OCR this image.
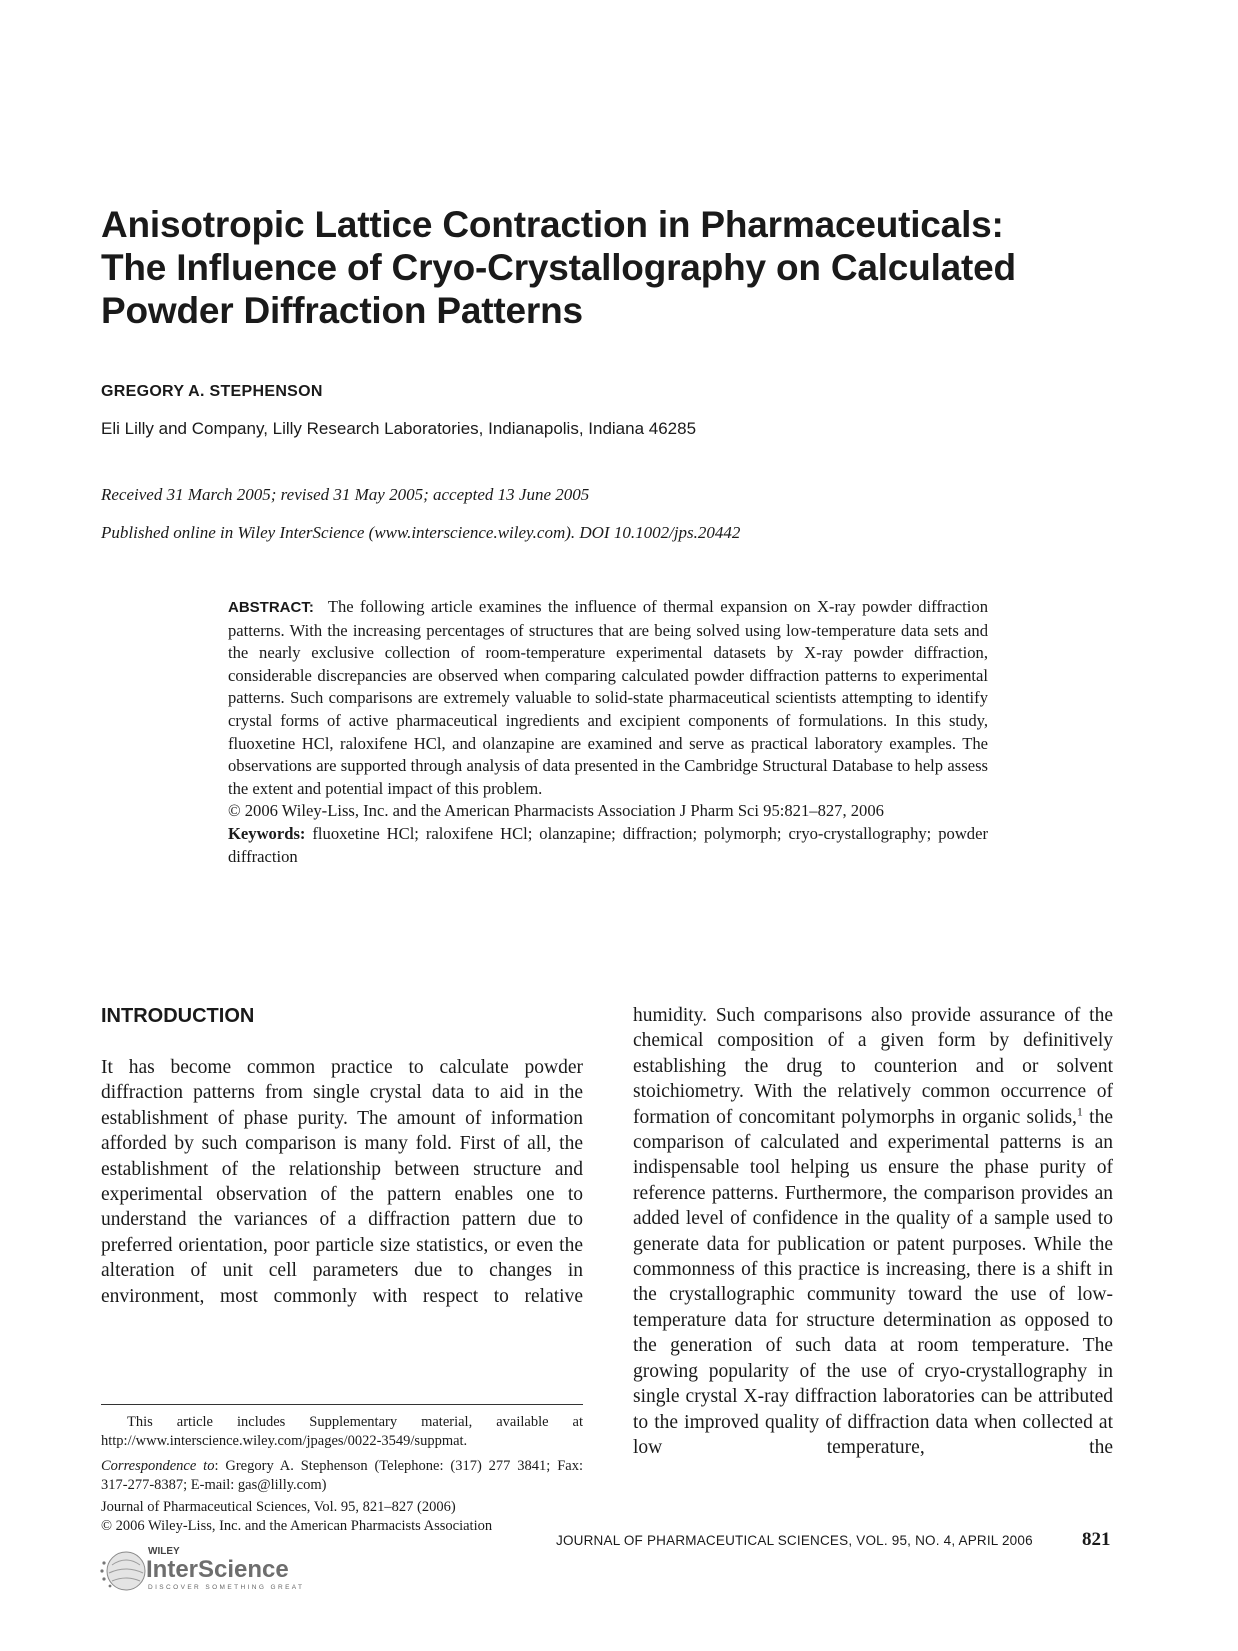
Anisotropic Lattice Contraction in Pharmaceuticals:
The Influence of Cryo-Crystallography on Calculated
Powder Diffraction Patterns
GREGORY A. STEPHENSON
Eli Lilly and Company, Lilly Research Laboratories, Indianapolis, Indiana 46285
Received 31 March 2005; revised 31 May 2005; accepted 13 June 2005
Published online in Wiley InterScience (www.interscience.wiley.com). DOI 10.1002/jps.20442
ABSTRACT: The following article examines the influence of thermal expansion on X-ray powder diffraction patterns. With the increasing percentages of structures that are being solved using low-temperature data sets and the nearly exclusive collection of room-temperature experimental datasets by X-ray powder diffraction, considerable discrepancies are observed when comparing calculated powder diffraction patterns to experimental patterns. Such comparisons are extremely valuable to solid-state pharmaceutical scientists attempting to identify crystal forms of active pharmaceutical ingredients and excipient components of formulations. In this study, fluoxetine HCl, raloxifene HCl, and olanzapine are examined and serve as practical laboratory examples. The observations are supported through analysis of data presented in the Cambridge Structural Database to help assess the extent and potential impact of this problem.
© 2006 Wiley-Liss, Inc. and the American Pharmacists Association J Pharm Sci 95:821–827, 2006
Keywords: fluoxetine HCl; raloxifene HCl; olanzapine; diffraction; polymorph; cryo-crystallography; powder diffraction
INTRODUCTION
It has become common practice to calculate powder diffraction patterns from single crystal data to aid in the establishment of phase purity. The amount of information afforded by such comparison is many fold. First of all, the establishment of the relationship between structure and experimental observation of the pattern enables one to understand the variances of a diffraction pattern due to preferred orientation, poor particle size statistics, or even the alteration of unit cell parameters due to changes in environment, most commonly with respect to relative
humidity. Such comparisons also provide assurance of the chemical composition of a given form by definitively establishing the drug to counterion and or solvent stoichiometry. With the relatively common occurrence of formation of concomitant polymorphs in organic solids,$^1$ the comparison of calculated and experimental patterns is an indispensable tool helping us ensure the phase purity of reference patterns. Furthermore, the comparison provides an added level of confidence in the quality of a sample used to generate data for publication or patent purposes. While the commonness of this practice is increasing, there is a shift in the crystallographic community toward the use of low-temperature data for structure determination as opposed to the generation of such data at room temperature. The growing popularity of the use of cryo-crystallography in single crystal X-ray diffraction laboratories can be attributed to the improved quality of diffraction data when collected at low temperature, the
This article includes Supplementary material, available at http://www.interscience.wiley.com/jpages/0022-3549/suppmat.
Correspondence to: Gregory A. Stephenson (Telephone: (317) 277 3841; Fax: 317-277-8387; E-mail: gas@lilly.com)
Journal of Pharmaceutical Sciences, Vol. 95, 821–827 (2006)
© 2006 Wiley-Liss, Inc. and the American Pharmacists Association
WILEY
InterScience
DISCOVER SOMETHING GREAT
JOURNAL OF PHARMACEUTICAL SCIENCES, VOL. 95, NO. 4, APRIL 2006	821
